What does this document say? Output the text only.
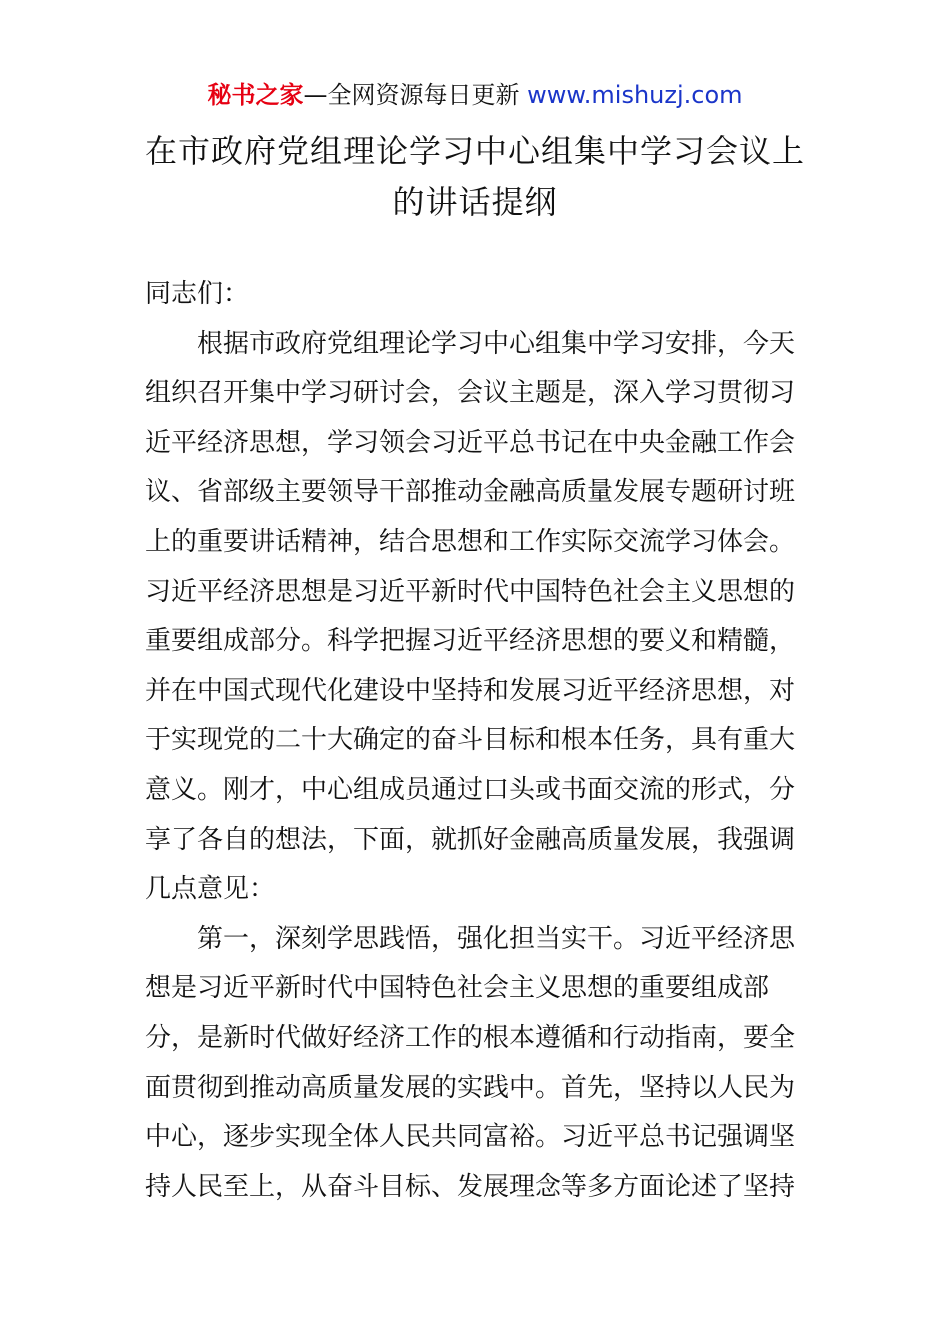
秘书之家—全网资源每日更新 www.mishuzj.com
在市政府党组理论学习中心组集中学习会议上
的讲话提纲

同志们：

根据市政府党组理论学习中心组集中学习安排，今天
组织召开集中学习研讨会，会议主题是，深入学习贯彻习
近平经济思想，学习领会习近平总书记在中央金融工作会
议、省部级主要领导干部推动金融高质量发展专题研讨班
上的重要讲话精神，结合思想和工作实际交流学习体会。
习近平经济思想是习近平新时代中国特色社会主义思想的
重要组成部分。科学把握习近平经济思想的要义和精髓，
并在中国式现代化建设中坚持和发展习近平经济思想，对
于实现党的二十大确定的奋斗目标和根本任务，具有重大
意义。刚才，中心组成员通过口头或书面交流的形式，分
享了各自的想法，下面，就抓好金融高质量发展，我强调
几点意见：

第一，深刻学思践悟，强化担当实干。习近平经济思
想是习近平新时代中国特色社会主义思想的重要组成部
分，是新时代做好经济工作的根本遵循和行动指南，要全
面贯彻到推动高质量发展的实践中。首先，坚持以人民为
中心，逐步实现全体人民共同富裕。习近平总书记强调坚
持人民至上，从奋斗目标、发展理念等多方面论述了坚持
